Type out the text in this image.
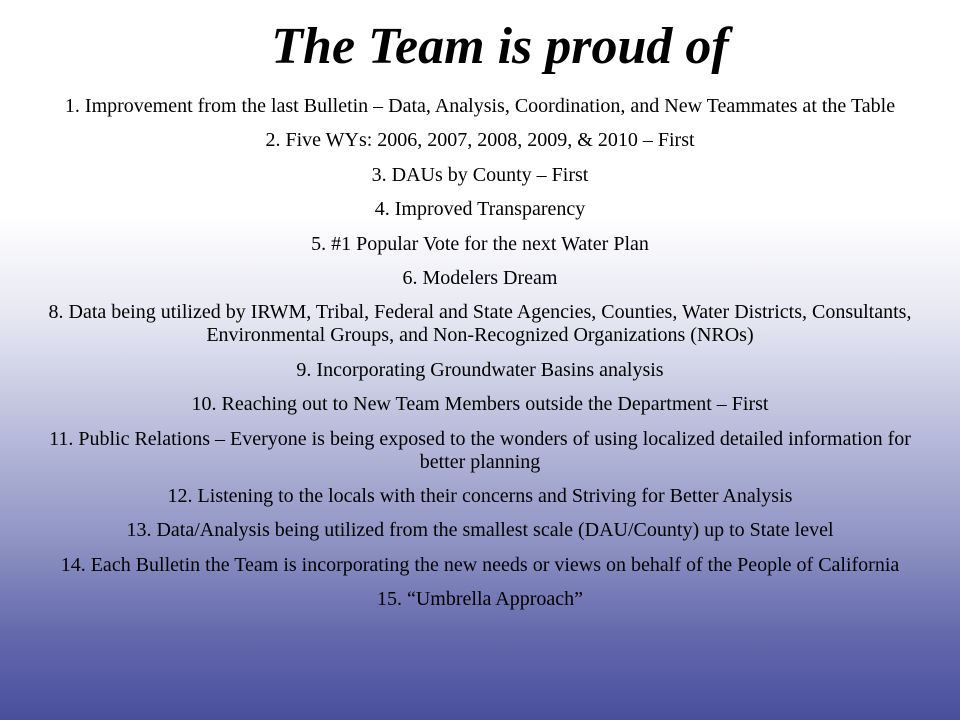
The Team is proud of
1. Improvement from the last Bulletin – Data, Analysis, Coordination, and New Teammates at the Table
2. Five WYs: 2006, 2007, 2008, 2009, & 2010 – First
3. DAUs by County – First
4. Improved Transparency
5. #1 Popular Vote for the next Water Plan
6. Modelers Dream
8. Data being utilized by IRWM, Tribal, Federal and State Agencies, Counties, Water Districts, Consultants, Environmental Groups, and Non-Recognized Organizations (NROs)
9. Incorporating Groundwater Basins analysis
10. Reaching out to New Team Members outside the Department – First
11. Public Relations – Everyone is being exposed to the wonders of using localized detailed information for better planning
12. Listening to the locals with their concerns and Striving for Better Analysis
13. Data/Analysis being utilized from the smallest scale (DAU/County) up to State level
14. Each Bulletin the Team is incorporating the new needs or views on behalf of the People of California
15. “Umbrella Approach”
